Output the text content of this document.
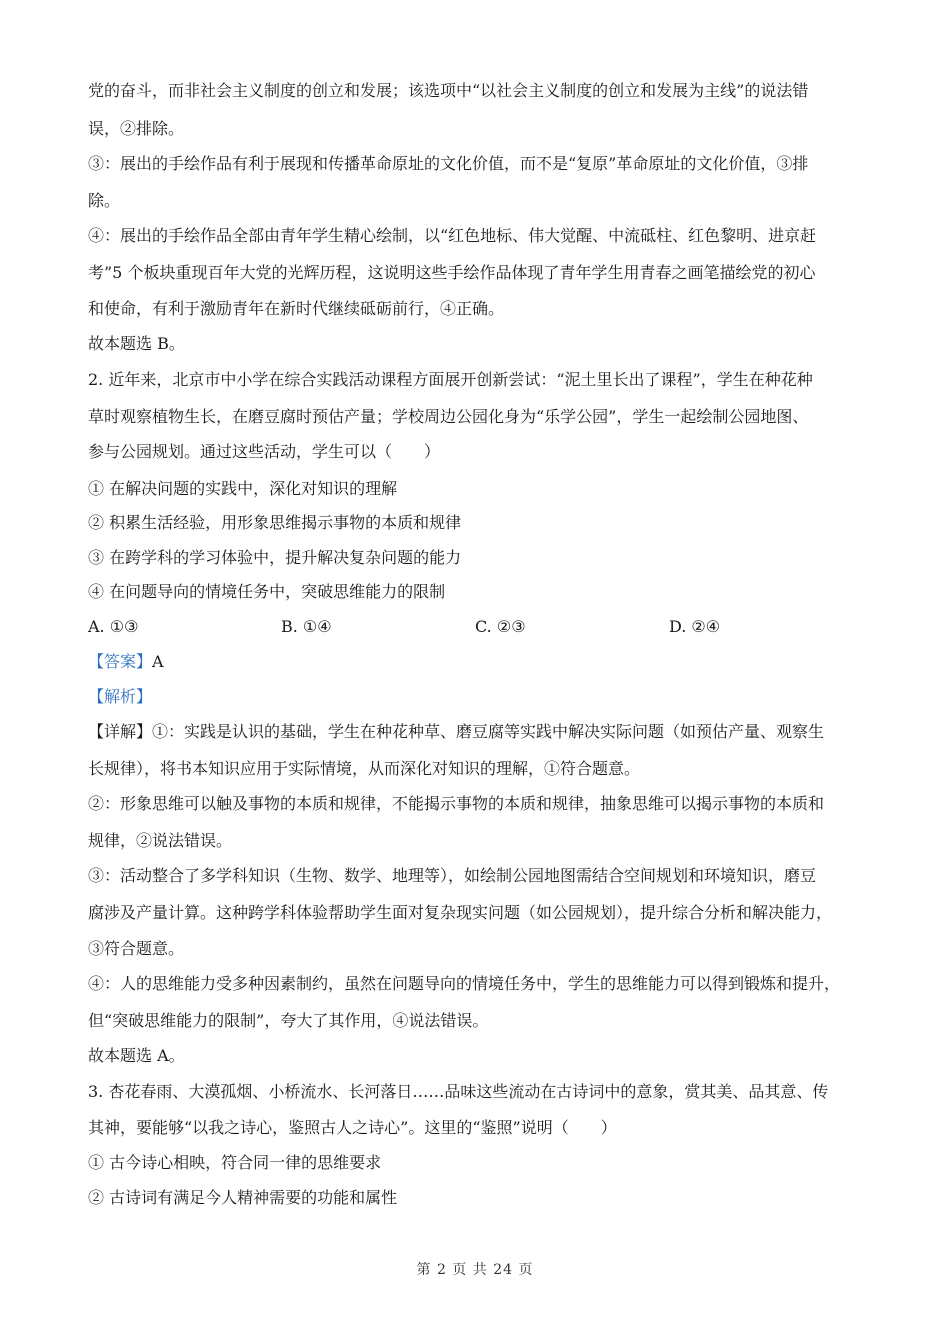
党的奋斗，而非社会主义制度的创立和发展；该选项中“以社会主义制度的创立和发展为主线”的说法错
误，②排除。
③：展出的手绘作品有利于展现和传播革命原址的文化价值，而不是“复原”革命原址的文化价值，③排
除。
④：展出的手绘作品全部由青年学生精心绘制，以“红色地标、伟大觉醒、中流砥柱、红色黎明、进京赶
考”5 个板块重现百年大党的光辉历程，这说明这些手绘作品体现了青年学生用青春之画笔描绘党的初心
和使命，有利于激励青年在新时代继续砥砺前行，④正确。
故本题选 B。
2. 近年来，北京市中小学在综合实践活动课程方面展开创新尝试：“泥土里长出了课程”，学生在种花种
草时观察植物生长，在磨豆腐时预估产量；学校周边公园化身为“乐学公园”，学生一起绘制公园地图、
参与公园规划。通过这些活动，学生可以（　　）
① 在解决问题的实践中，深化对知识的理解
② 积累生活经验，用形象思维揭示事物的本质和规律
③ 在跨学科的学习体验中，提升解决复杂问题的能力
④ 在问题导向的情境任务中，突破思维能力的限制
A. ①③	B. ①④	C. ②③	D. ②④
【答案】A
【解析】
【详解】①：实践是认识的基础，学生在种花种草、磨豆腐等实践中解决实际问题（如预估产量、观察生
长规律），将书本知识应用于实际情境，从而深化对知识的理解，①符合题意。
②：形象思维可以触及事物的本质和规律，不能揭示事物的本质和规律，抽象思维可以揭示事物的本质和
规律，②说法错误。
③：活动整合了多学科知识（生物、数学、地理等），如绘制公园地图需结合空间规划和环境知识，磨豆
腐涉及产量计算。这种跨学科体验帮助学生面对复杂现实问题（如公园规划），提升综合分析和解决能力，
③符合题意。
④：人的思维能力受多种因素制约，虽然在问题导向的情境任务中，学生的思维能力可以得到锻炼和提升，
但“突破思维能力的限制”，夸大了其作用，④说法错误。
故本题选 A。
3. 杏花春雨、大漠孤烟、小桥流水、长河落日……品味这些流动在古诗词中的意象，赏其美、品其意、传
其神，要能够“以我之诗心，鉴照古人之诗心”。这里的“鉴照”说明（　　）
① 古今诗心相映，符合同一律的思维要求
② 古诗词有满足今人精神需要的功能和属性
第 2 页 共 24 页
